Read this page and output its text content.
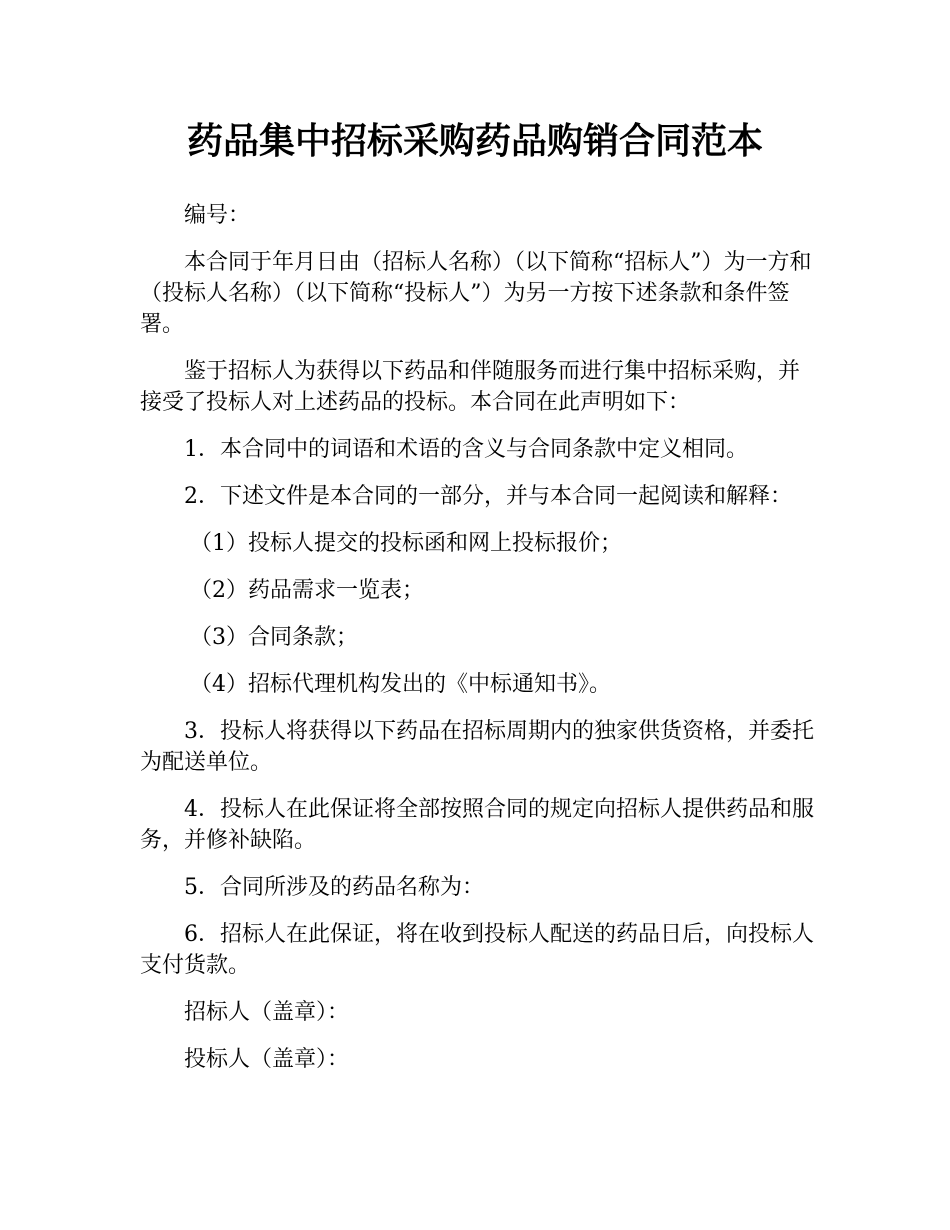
药品集中招标采购药品购销合同范本

编号：

本合同于年月日由（招标人名称）（以下简称“招标人”）为一方和（投标人名称）（以下简称“投标人”）为另一方按下述条款和条件签署。

鉴于招标人为获得以下药品和伴随服务而进行集中招标采购，并接受了投标人对上述药品的投标。本合同在此声明如下：

1．本合同中的词语和术语的含义与合同条款中定义相同。

2．下述文件是本合同的一部分，并与本合同一起阅读和解释：

（1）投标人提交的投标函和网上投标报价；

（2）药品需求一览表；

（3）合同条款；

（4）招标代理机构发出的《中标通知书》。

3．投标人将获得以下药品在招标周期内的独家供货资格，并委托为配送单位。

4．投标人在此保证将全部按照合同的规定向招标人提供药品和服务，并修补缺陷。

5．合同所涉及的药品名称为：

6．招标人在此保证，将在收到投标人配送的药品日后，向投标人支付货款。

招标人（盖章）：

投标人（盖章）：
